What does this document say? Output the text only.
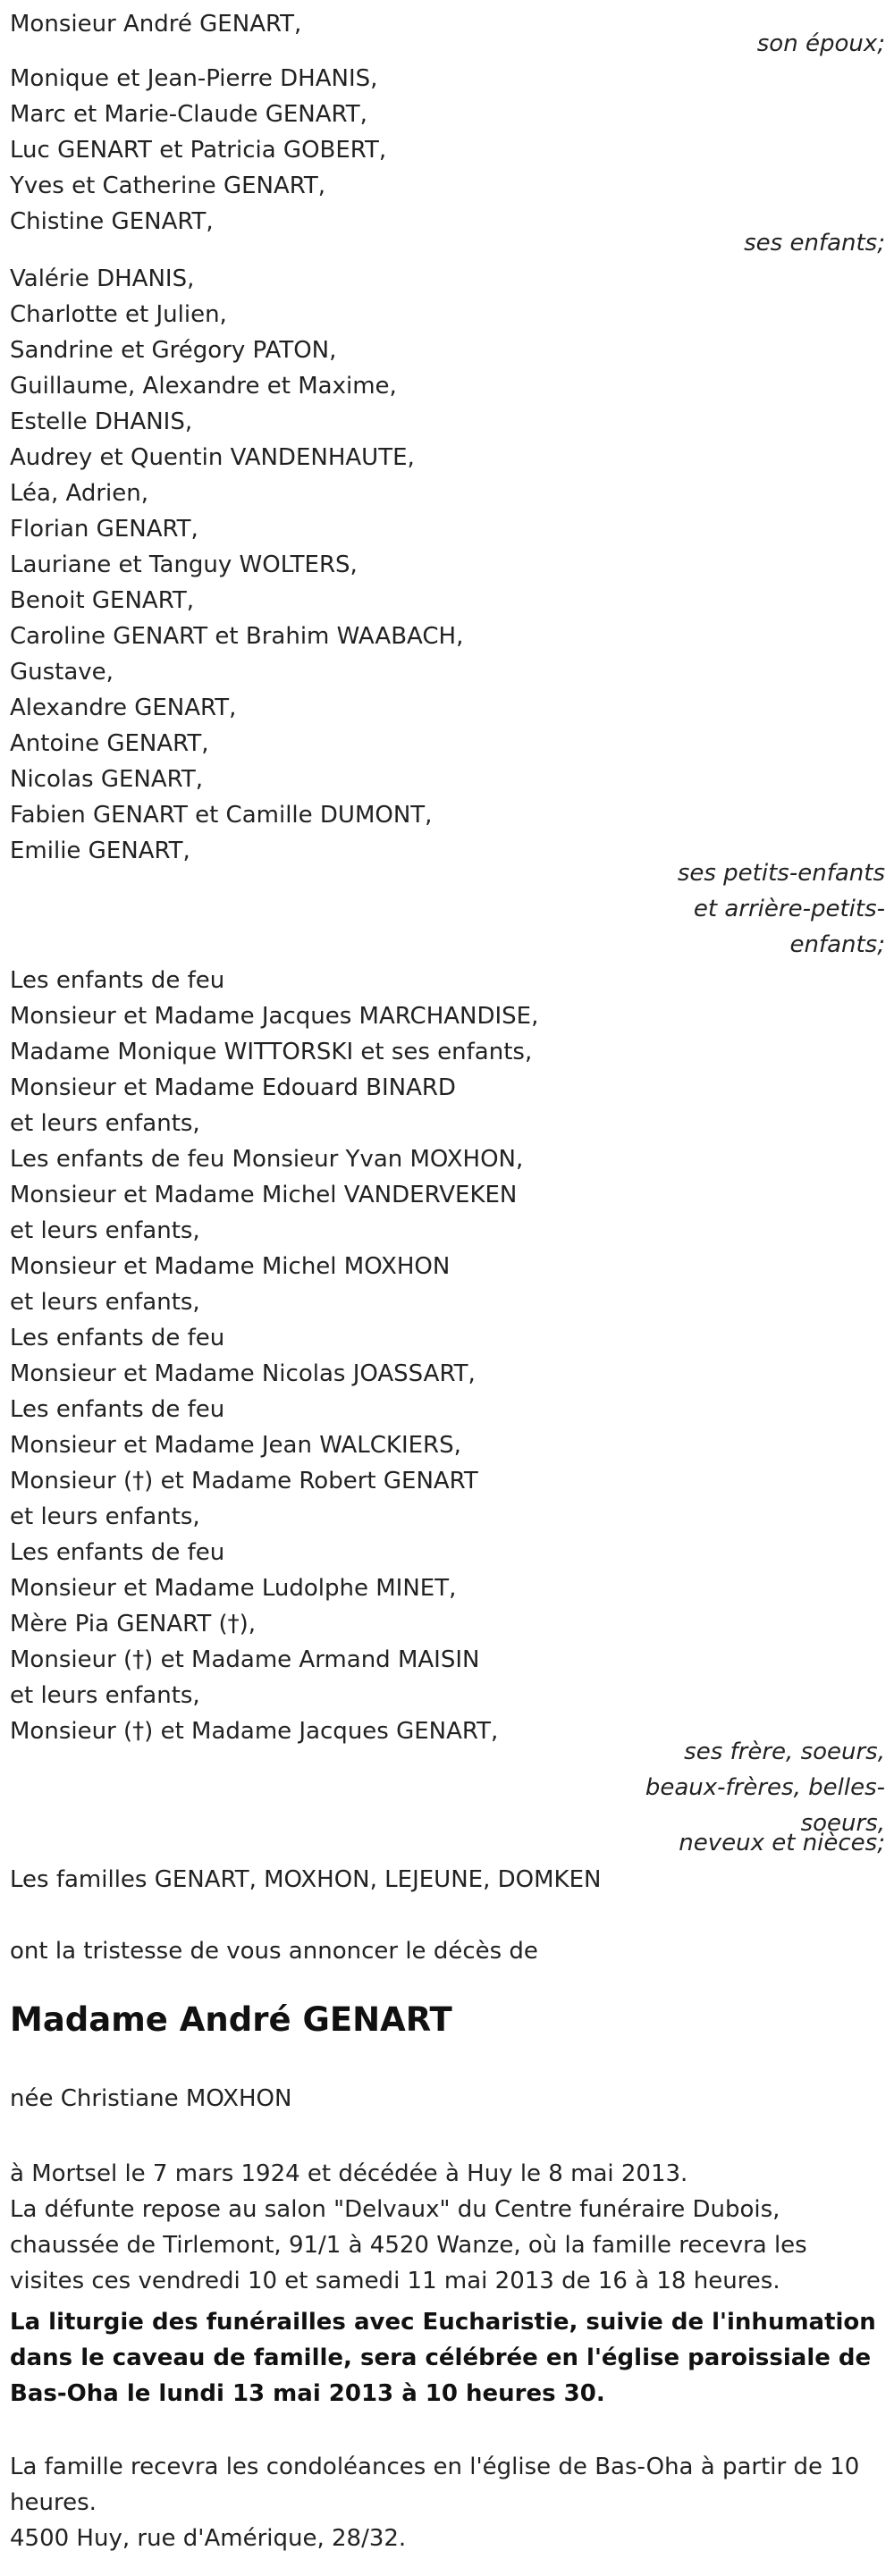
Monsieur André GENART,
son époux;
Monique et Jean-Pierre DHANIS,
Marc et Marie-Claude GENART,
Luc GENART et Patricia GOBERT,
Yves et Catherine GENART,
Chistine GENART,
ses enfants;
Valérie DHANIS,
Charlotte et Julien,
Sandrine et Grégory PATON,
Guillaume, Alexandre et Maxime,
Estelle DHANIS,
Audrey et Quentin VANDENHAUTE,
Léa, Adrien,
Florian GENART,
Lauriane et Tanguy WOLTERS,
Benoit GENART,
Caroline GENART et Brahim WAABACH,
Gustave,
Alexandre GENART,
Antoine GENART,
Nicolas GENART,
Fabien GENART et Camille DUMONT,
Emilie GENART,
ses petits-enfants
et arrière-petits-
enfants;
Les enfants de feu
Monsieur et Madame Jacques MARCHANDISE,
Madame Monique WITTORSKI et ses enfants,
Monsieur et Madame Edouard BINARD
et leurs enfants,
Les enfants de feu Monsieur Yvan MOXHON,
Monsieur et Madame Michel VANDERVEKEN
et leurs enfants,
Monsieur et Madame Michel MOXHON
et leurs enfants,
Les enfants de feu
Monsieur et Madame Nicolas JOASSART,
Les enfants de feu
Monsieur et Madame Jean WALCKIERS,
Monsieur (†) et Madame Robert GENART
et leurs enfants,
Les enfants de feu
Monsieur et Madame Ludolphe MINET,
Mère Pia GENART (†),
Monsieur (†) et Madame Armand MAISIN
et leurs enfants,
Monsieur (†) et Madame Jacques GENART,
ses frère, soeurs,
beaux-frères, belles-
soeurs,
neveux et nièces;
Les familles GENART, MOXHON, LEJEUNE, DOMKEN
ont la tristesse de vous annoncer le décès de
Madame André GENART
née Christiane MOXHON
à Mortsel le 7 mars 1924 et décédée à Huy le 8 mai 2013.
La défunte repose au salon "Delvaux" du Centre funéraire Dubois, chaussée de Tirlemont, 91/1 à 4520 Wanze, où la famille recevra les visites ces vendredi 10 et samedi 11 mai 2013 de 16 à 18 heures.
La liturgie des funérailles avec Eucharistie, suivie de l'inhumation dans le caveau de famille, sera célébrée en l'église paroissiale de Bas-Oha le lundi 13 mai 2013 à 10 heures 30.
La famille recevra les condoléances en l'église de Bas-Oha à partir de 10 heures.
4500 Huy, rue d'Amérique, 28/32.
